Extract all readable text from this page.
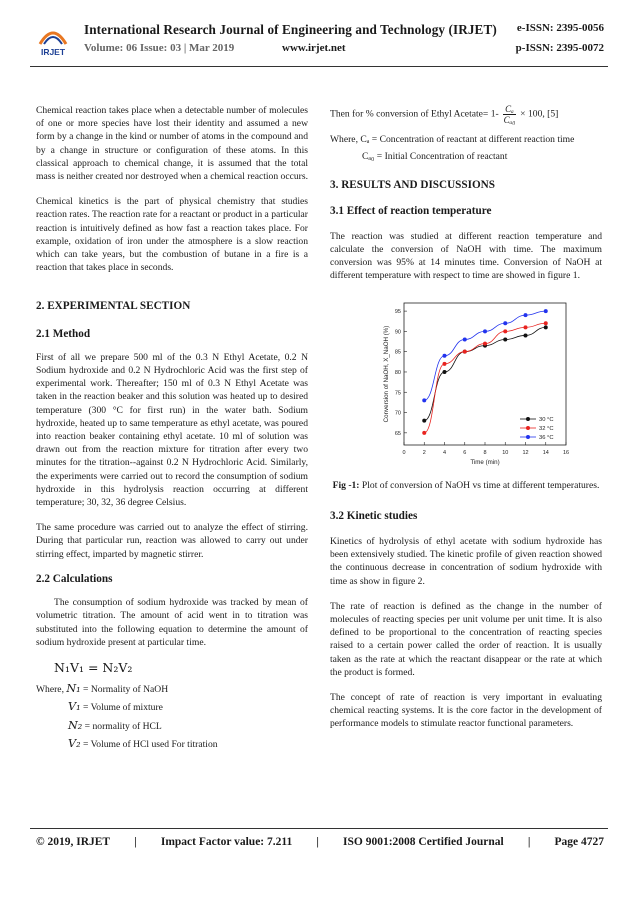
IRJET
International Research Journal of Engineering and Technology (IRJET)
Volume: 06 Issue: 03 | Mar 2019	www.irjet.net
e-ISSN: 2395-0056
p-ISSN: 2395-0072

Chemical reaction takes place when a detectable number of molecules of one or more species have lost their identity and assumed a new form by a change in the kind or number of atoms in the compound and by a change in structure or configuration of these atoms. In this classical approach to chemical change, it is assumed that the total mass is neither created nor destroyed when a chemical reaction occurs.

Chemical kinetics is the part of physical chemistry that studies reaction rates. The reaction rate for a reactant or product in a particular reaction is intuitively defined as how fast a reaction takes place. For example, oxidation of iron under the atmosphere is a slow reaction which can take years, but the combustion of butane in a fire is a reaction that takes place in seconds.

2. EXPERIMENTAL SECTION
2.1 Method

First of all we prepare 500 ml of the 0.3 N Ethyl Acetate, 0.2 N Sodium hydroxide and 0.2 N Hydrochloric Acid was the first step of experimental work. Thereafter; 150 ml of 0.3 N Ethyl Acetate was taken in the reaction beaker and this solution was heated up to desired temperature (300 °C for first run) in the water bath. Sodium hydroxide, heated up to same temperature as ethyl acetate, was poured into reaction beaker containing ethyl acetate. 10 ml of solution was drawn out from the reaction mixture for titration after every two minutes for the titration--against 0.2 N Hydrochloric Acid. Similarly, the experiments were carried out to record the consumption of sodium hydroxide in this hydrolysis reaction occurring at different temperature; 30, 32, 36 degree Celsius.

The same procedure was carried out to analyze the effect of stirring. During that particular run, reaction was allowed to carry out under stirring effect, imparted by magnetic stirrer.

2.2 Calculations

The consumption of sodium hydroxide was tracked by mean of volumetric titration. The amount of acid went in to titration was substituted into the following equation to determine the amount of sodium hydroxide present at particular time.

N₁V₁ = N₂V₂
Where, N₁ = Normality of NaOH
V₁ = Volume of mixture
N₂ = normality of HCL
V₂ = Volume of HCl used For titration

Then for % conversion of Ethyl Acetate= $1- \frac{\text{Cₐ}}{\text{Cₐ₀}} \times 100$, [5]

Where, Cₐ = Concentration of reactant at different reaction time

Cₐ₀ = Initial Concentration of reactant

3. RESULTS AND DISCUSSIONS
3.1 Effect of reaction temperature

The reaction was studied at different reaction temperature and calculate the conversion of NaOH with time. The maximum conversion was 95% at 14 minutes time. Conversion of NaOH at different temperature with respect to time are showed in figure 1.

0	2	4	6	8	10	12	14	16
65
70
75
80
85
90
95
Time (min)
Conversion of NaOH, X_NaOH (%)	30 °C
32 °C
36 °C

Fig -1: Plot of conversion of NaOH vs time at different temperatures.

3.2 Kinetic studies

Kinetics of hydrolysis of ethyl acetate with sodium hydroxide has been extensively studied. The kinetic profile of given reaction showed the continuous decrease in concentration of sodium hydroxide with time as show in figure 2.

The rate of reaction is defined as the change in the number of molecules of reacting species per unit volume per unit time. It is also defined to be proportional to the concentration of reacting species raised to a certain power called the order of reaction. It is usually taken as the rate at which the reactant disappear or the rate at which the product is formed.

The concept of rate of reaction is very important in evaluating chemical reacting systems. It is the core factor in the development of performance models to stimulate reactor functional parameters.

© 2019, IRJET | Impact Factor value: 7.211 | ISO 9001:2008 Certified Journal | Page 4727
